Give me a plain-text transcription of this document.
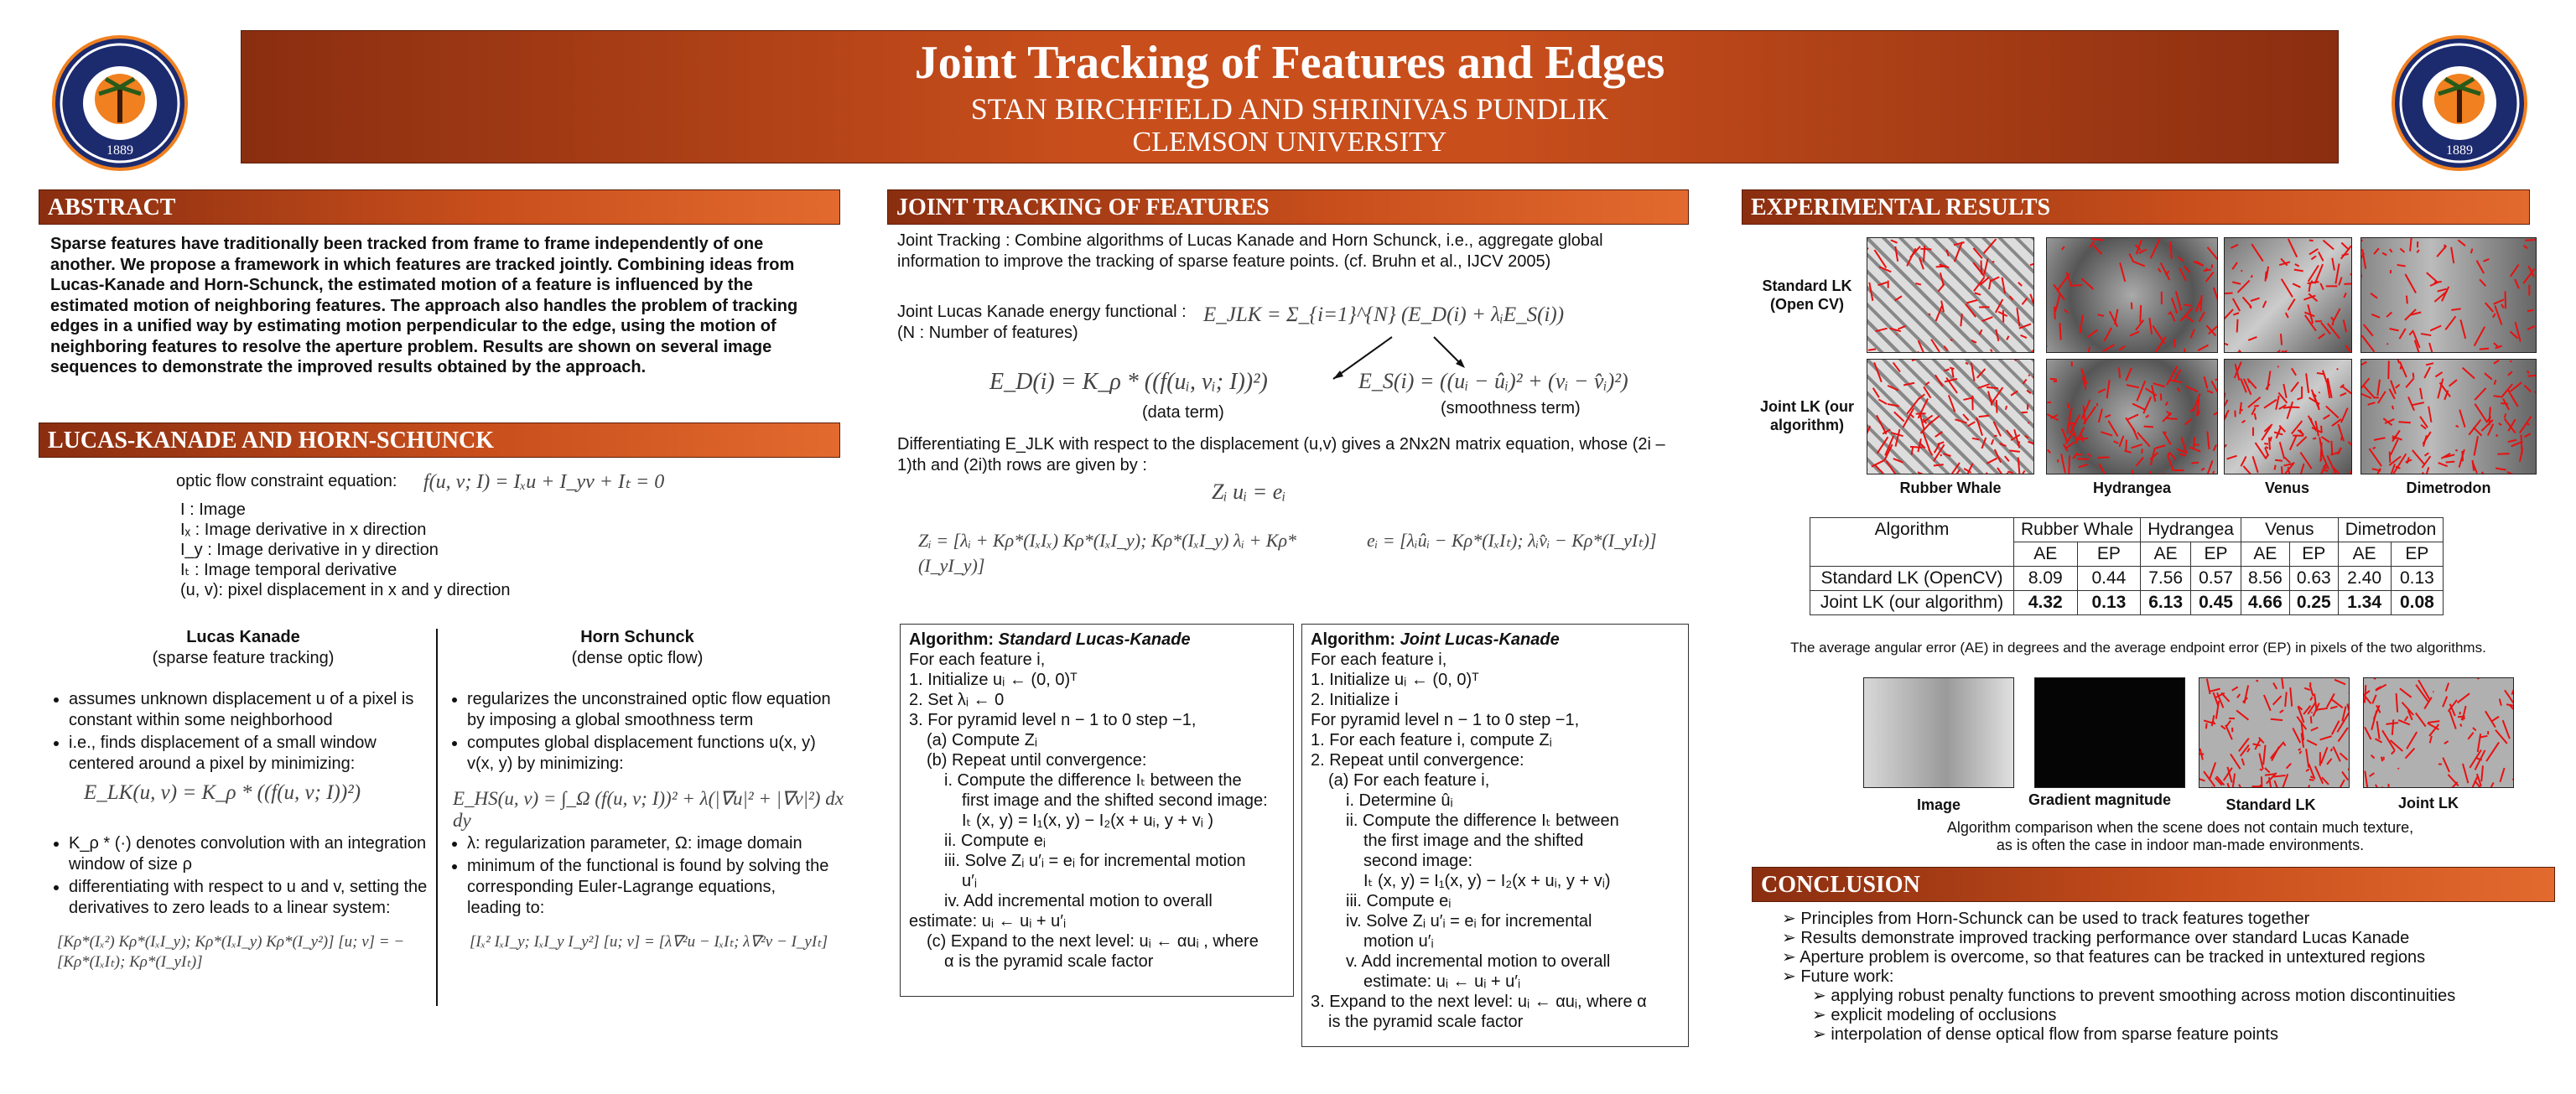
1889	1889
Joint Tracking of Features and Edges
STAN BIRCHFIELD AND SHRINIVAS PUNDLIK
CLEMSON UNIVERSITY
ABSTRACT
Sparse features have traditionally been tracked from frame to frame independently of one another. We propose a framework in which features are tracked jointly. Combining ideas from Lucas-Kanade and Horn-Schunck, the estimated motion of a feature is influenced by the estimated motion of neighboring features. The approach also handles the problem of tracking edges in a unified way by estimating motion perpendicular to the edge, using the motion of neighboring features to resolve the aperture problem. Results are shown on several image sequences to demonstrate the improved results obtained by the approach.
LUCAS-KANADE AND HORN-SCHUNCK
optic flow constraint equation: f(u, v; I) = Iₓu + I_yv + Iₜ = 0
I : Image
Iₓ : Image derivative in x direction
I_y : Image derivative in y direction
Iₜ : Image temporal derivative
(u, v): pixel displacement in x and y direction
Lucas Kanade
(sparse feature tracking)
• assumes unknown displacement u of a pixel is constant within some neighborhood
• i.e., finds displacement of a small window centered around a pixel by minimizing:
E_LK(u, v) = K_ρ * ((f(u, v; I))²)
• K_ρ * (·) denotes convolution with an integration window of size ρ
• differentiating with respect to u and v, setting the derivatives to zero leads to a linear system:
[Kρ*(Iₓ²) Kρ*(IₓI_y); Kρ*(IₓI_y) Kρ*(I_y²)] [u; v] = −[Kρ*(IₓIₜ); Kρ*(I_yIₜ)]
Horn Schunck
(dense optic flow)
• regularizes the unconstrained optic flow equation by imposing a global smoothness term
• computes global displacement functions u(x, y) v(x, y) by minimizing:
E_HS(u, v) = ∫_Ω (f(u, v; I))² + λ(|∇u|² + |∇v|²) dx dy
• λ: regularization parameter, Ω: image domain
• minimum of the functional is found by solving the corresponding Euler-Lagrange equations, leading to:
[Iₓ² IₓI_y; IₓI_y I_y²] [u; v] = [λ∇²u − IₓIₜ; λ∇²v − I_yIₜ]
JOINT TRACKING OF FEATURES
Joint Tracking : Combine algorithms of Lucas Kanade and Horn Schunck, i.e., aggregate global information to improve the tracking of sparse feature points. (cf. Bruhn et al., IJCV 2005)
Joint Lucas Kanade energy functional :
(N : Number of features)
E_JLK = Σ_{i=1}^{N} (E_D(i) + λᵢE_S(i))
E_D(i) = K_ρ * ((f(uᵢ, vᵢ; I))²)	E_S(i) = ((uᵢ − ûᵢ)² + (vᵢ − v̂ᵢ)²)
(data term)	(smoothness term)
Differentiating E_JLK with respect to the displacement (u,v) gives a 2Nx2N matrix equation, whose (2i – 1)th and (2i)th rows are given by :
Zᵢ uᵢ = eᵢ
Zᵢ = [λᵢ + Kρ*(IₓIₓ) Kρ*(IₓI_y); Kρ*(IₓI_y) λᵢ + Kρ*(I_yI_y)]
eᵢ = [λᵢûᵢ − Kρ*(IₓIₜ); λᵢv̂ᵢ − Kρ*(I_yIₜ)]
Algorithm: Standard Lucas-Kanade
For each feature i,
1. Initialize uᵢ ← (0, 0)ᵀ
2. Set λᵢ ← 0
3. For pyramid level n − 1 to 0 step −1,
(a) Compute Zᵢ
(b) Repeat until convergence:
i. Compute the difference Iₜ between the
first image and the shifted second image:
Iₜ (x, y) = I₁(x, y) − I₂(x + uᵢ, y + vᵢ )
ii. Compute eᵢ
iii. Solve Zᵢ u′ᵢ = eᵢ for incremental motion
u′ᵢ
iv. Add incremental motion to overall
estimate: uᵢ ← uᵢ + u′ᵢ
(c) Expand to the next level: uᵢ ← αuᵢ , where
α is the pyramid scale factor
Algorithm: Joint Lucas-Kanade
For each feature i,
1. Initialize uᵢ ← (0, 0)ᵀ
2. Initialize i
For pyramid level n − 1 to 0 step −1,
1. For each feature i, compute Zᵢ
2. Repeat until convergence:
(a) For each feature i,
i. Determine ûᵢ
ii. Compute the difference Iₜ between
the first image and the shifted
second image:
Iₜ (x, y) = I₁(x, y) − I₂(x + uᵢ, y + vᵢ)
iii. Compute eᵢ
iv. Solve Zᵢ u′ᵢ = eᵢ for incremental
motion u′ᵢ
v. Add incremental motion to overall
estimate: uᵢ ← uᵢ + u′ᵢ
3. Expand to the next level: uᵢ ← αuᵢ, where α
is the pyramid scale factor
EXPERIMENTAL RESULTS
Standard LK (Open CV)
Joint LK (our algorithm)
Rubber Whale	Hydrangea	Venus	Dimetrodon
Algorithm	Rubber Whale		Hydrangea		Venus		Dimetrodon	
	AE	EP	AE	EP	AE	EP	AE	EP
Standard LK (OpenCV)	8.09	0.44	7.56	0.57	8.56	0.63	2.40	0.13
Joint LK (our algorithm)	4.32	0.13	6.13	0.45	4.66	0.25	1.34	0.08
The average angular error (AE) in degrees and the average endpoint error (EP) in pixels of the two algorithms.
Image	Gradient magnitude	Standard LK	Joint LK
Algorithm comparison when the scene does not contain much texture,
as is often the case in indoor man-made environments.
CONCLUSION
➢ Principles from Horn-Schunck can be used to track features together
➢ Results demonstrate improved tracking performance over standard Lucas Kanade
➢ Aperture problem is overcome, so that features can be tracked in untextured regions
➢ Future work:
➢ applying robust penalty functions to prevent smoothing across motion discontinuities
➢ explicit modeling of occlusions
➢ interpolation of dense optical flow from sparse feature points
